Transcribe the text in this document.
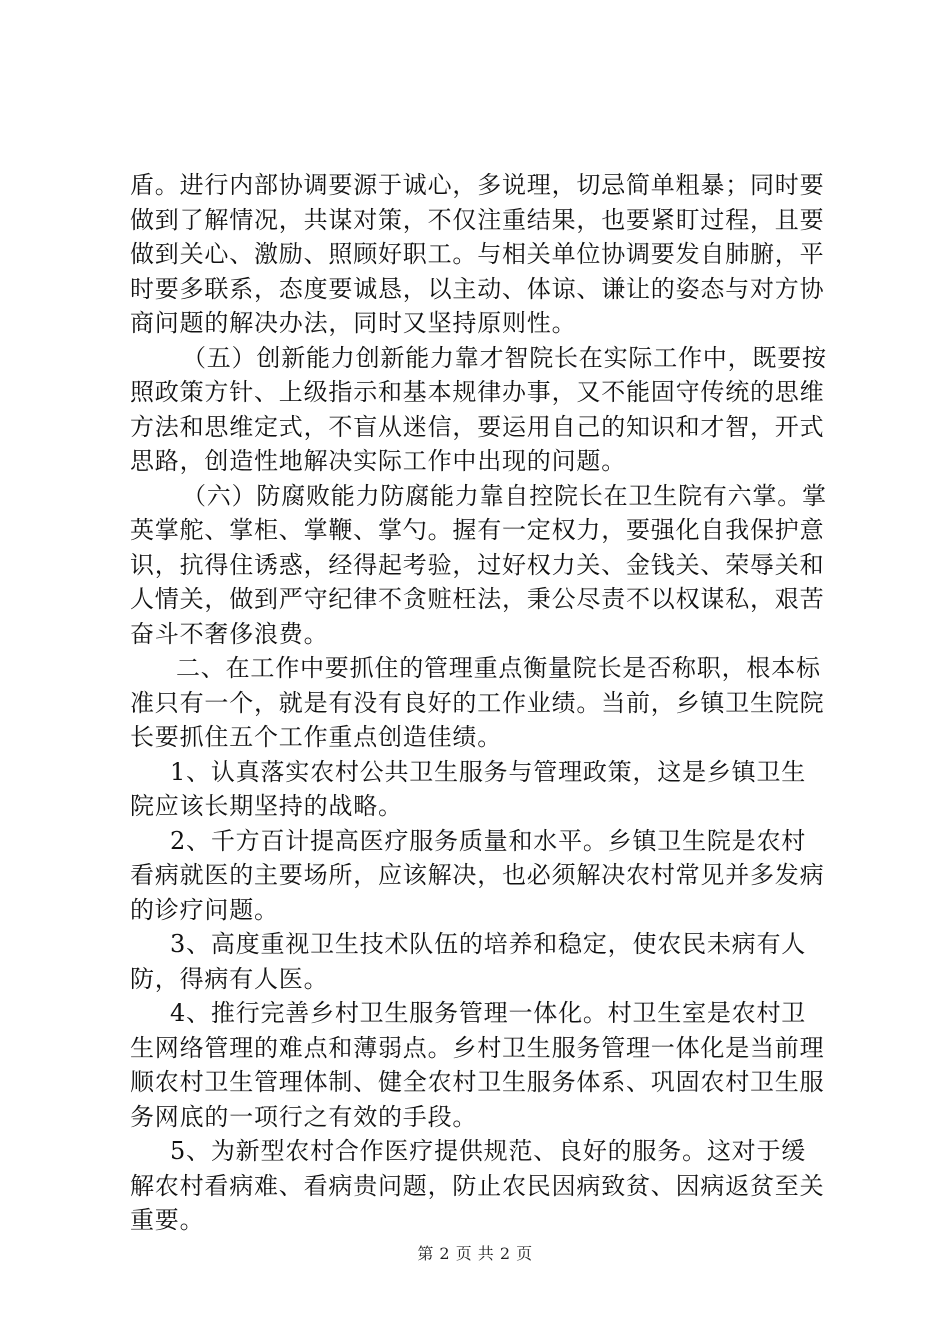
盾。进行内部协调要源于诚心，多说理，切忌简单粗暴；同时要做到了解情况，共谋对策，不仅注重结果，也要紧盯过程，且要做到关心、激励、照顾好职工。与相关单位协调要发自肺腑，平时要多联系，态度要诚恳，以主动、体谅、谦让的姿态与对方协商问题的解决办法，同时又坚持原则性。

（五）创新能力创新能力靠才智院长在实际工作中，既要按照政策方针、上级指示和基本规律办事，又不能固守传统的思维方法和思维定式，不盲从迷信，要运用自己的知识和才智，开式思路，创造性地解决实际工作中出现的问题。

（六）防腐败能力防腐能力靠自控院长在卫生院有六掌。掌英掌舵、掌柜、掌鞭、掌勺。握有一定权力，要强化自我保护意识，抗得住诱惑，经得起考验，过好权力关、金钱关、荣辱关和人情关，做到严守纪律不贪赃枉法，秉公尽责不以权谋私，艰苦奋斗不奢侈浪费。

二、在工作中要抓住的管理重点衡量院长是否称职，根本标准只有一个，就是有没有良好的工作业绩。当前，乡镇卫生院院长要抓住五个工作重点创造佳绩。

1、认真落实农村公共卫生服务与管理政策，这是乡镇卫生院应该长期坚持的战略。

2、千方百计提高医疗服务质量和水平。乡镇卫生院是农村看病就医的主要场所，应该解决，也必须解决农村常见并多发病的诊疗问题。

3、高度重视卫生技术队伍的培养和稳定，使农民未病有人防，得病有人医。

4、推行完善乡村卫生服务管理一体化。村卫生室是农村卫生网络管理的难点和薄弱点。乡村卫生服务管理一体化是当前理顺农村卫生管理体制、健全农村卫生服务体系、巩固农村卫生服务网底的一项行之有效的手段。

5、为新型农村合作医疗提供规范、良好的服务。这对于缓解农村看病难、看病贵问题，防止农民因病致贫、因病返贫至关重要。

第 2 页 共 2 页
